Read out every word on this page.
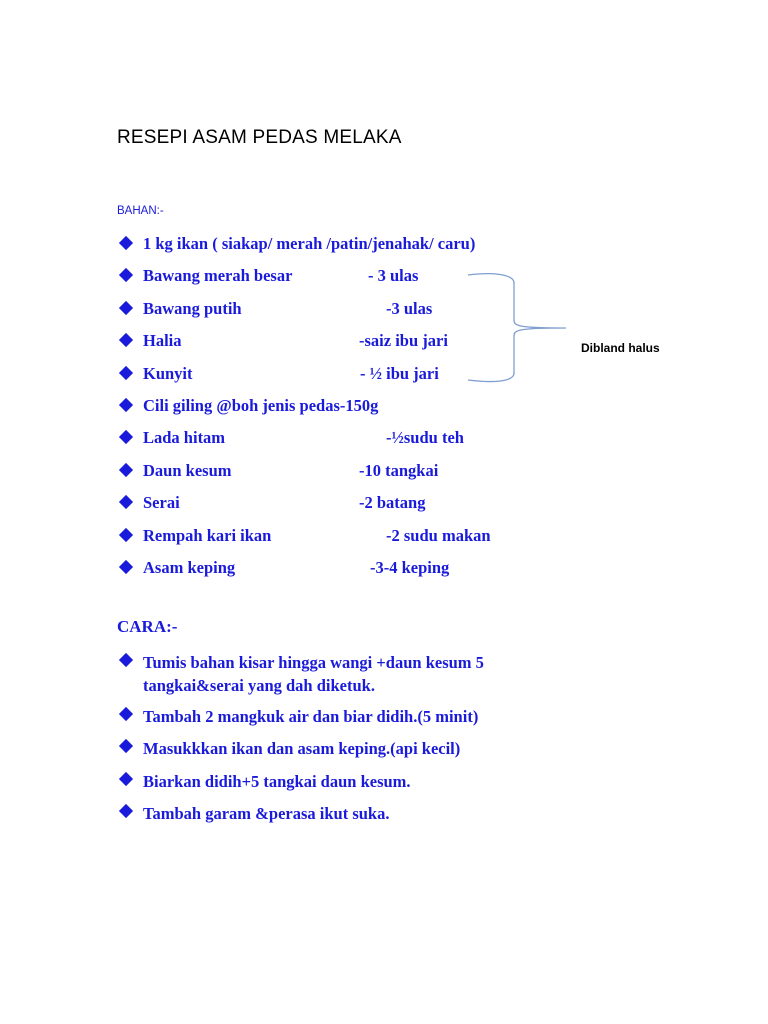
RESEPI ASAM PEDAS MELAKA
BAHAN:-
1 kg ikan ( siakap/ merah /patin/jenahak/ caru)
Bawang merah besar	- 3 ulas
Bawang putih	-3 ulas
Halia	-saiz ibu jari
Kunyit	- ½ ibu jari
Cili giling @boh jenis pedas-150g
Lada hitam	-½sudu teh
Daun kesum	-10 tangkai
Serai	-2 batang
Rempah kari ikan	-2 sudu makan
Asam keping	-3-4 keping
Dibland halus
CARA:-
Tumis bahan kisar hingga wangi +daun kesum 5 tangkai&serai yang dah diketuk.
Tambah 2 mangkuk air dan biar didih.(5 minit)
Masukkkan ikan dan asam keping.(api kecil)
Biarkan didih+5 tangkai daun kesum.
Tambah garam &perasa ikut suka.
